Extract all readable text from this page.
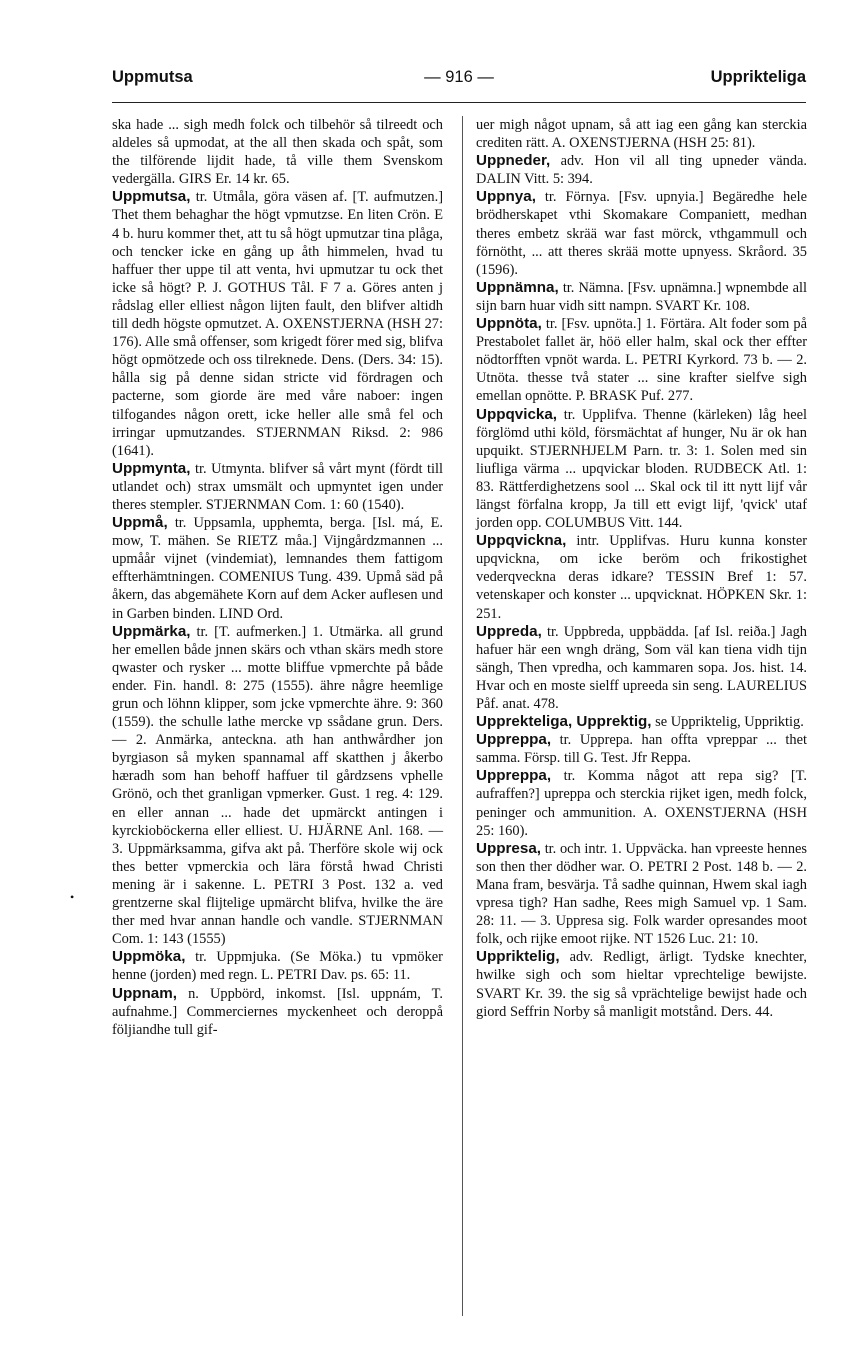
Uppmutsa	— 916 —	Upprikteliga

ska hade ... sigh medh folck och tilbehör så tilreedt och aldeles så upmodat, at the all then skada och spåt, som the tilförende lijdit hade, tå ville them Svenskom vedergälla. GIRS Er. 14 kr. 65.

Uppmutsa, tr. Utmåla, göra väsen af. [T. aufmutzen.] Thet them behaghar the högt vpmutzse. En liten Crön. E 4 b. huru kommer thet, att tu så högt upmutzar tina plåga, och tencker icke en gång up åth himmelen, hvad tu haffuer ther uppe til att venta, hvi upmutzar tu ock thet icke så högt? P. J. GOTHUS Tål. F 7 a. Göres anten j rådslag eller elliest någon lijten fault, den blifver altidh till dedh högste opmutzet. A. OXENSTJERNA (HSH 27: 176). Alle små offenser, som krigedt förer med sig, blifva högt opmötzede och oss tilreknede. Dens. (Ders. 34: 15). hålla sig på denne sidan stricte vid fördragen och pacterne, som giorde äre med våre naboer: ingen tilfogandes någon orett, icke heller alle små fel och irringar upmutzandes. STJERNMAN Riksd. 2: 986 (1641).

Uppmynta, tr. Utmynta. blifver så vårt mynt (fördt till utlandet och) strax umsmält och upmyntet igen under theres stempler. STJERNMAN Com. 1: 60 (1540).

Uppmå, tr. Uppsamla, upphemta, berga. [Isl. má, E. mow, T. mähen. Se RIETZ måa.] Vijngårdzmannen ... upmåår vijnet (vindemiat), lemnandes them fattigom effterhämtningen. COMENIUS Tung. 439. Upmå säd på åkern, das abgemähete Korn auf dem Acker auflesen und in Garben binden. LIND Ord.

Uppmärka, tr. [T. aufmerken.] 1. Utmärka. all grund her emellen både jnnen skärs och vthan skärs medh store qwaster och rysker ... motte bliffue vpmerchte på både ender. Fin. handl. 8: 275 (1555). ähre någre heemlige grun och löhnn klipper, som jcke vpmerchte ähre. 9: 360 (1559). the schulle lathe mercke vp ssådane grun. Ders. — 2. Anmärka, anteckna. ath han anthwårdher jon byrgiason så myken spannamal aff skatthen j åkerbo hæradh som han behoff haffuer til gårdzsens vphelle Grönö, och thet granligan vpmerker. Gust. 1 reg. 4: 129. en eller annan ... hade det upmärckt antingen i kyrckioböckerna eller elliest. U. HJÄRNE Anl. 168. — 3. Uppmärksamma, gifva akt på. Therföre skole wij ock thes better vpmerckia och lära förstå hwad Christi mening är i sakenne. L. PETRI 3 Post. 132 a. ved grentzerne skal flijtelige upmärcht blifva, hvilke the äre ther med hvar annan handle och vandle. STJERNMAN Com. 1: 143 (1555)

Uppmöka, tr. Uppmjuka. (Se Möka.) tu vpmöker henne (jorden) med regn. L. PETRI Dav. ps. 65: 11.

Uppnam, n. Uppbörd, inkomst. [Isl. uppnám, T. aufnahme.] Commerciernes myckenheet och deroppå följiandhe tull gif-

uer migh något upnam, så att iag een gång kan sterckia crediten rätt. A. OXENSTJERNA (HSH 25: 81).

Uppneder, adv. Hon vil all ting upneder vända. DALIN Vitt. 5: 394.

Uppnya, tr. Förnya. [Fsv. upnyia.] Begäredhe hele brödherskapet vthi Skomakare Companiett, medhan theres embetz skrää war fast mörck, vthgammull och förnötht, ... att theres skrää motte upnyess. Skråord. 35 (1596).

Uppnämna, tr. Nämna. [Fsv. upnämna.] wpnembde all sijn barn huar vidh sitt nampn. SVART Kr. 108.

Uppnöta, tr. [Fsv. upnöta.] 1. Förtära. Alt foder som på Prestabolet fallet är, höö eller halm, skal ock ther effter nödtorfften vpnöt warda. L. PETRI Kyrkord. 73 b. — 2. Utnöta. thesse två stater ... sine krafter sielfve sigh emellan opnötte. P. BRASK Puf. 277.

Uppqvicka, tr. Upplifva. Thenne (kärleken) låg heel förglömd uthi köld, försmächtat af hunger, Nu är ok han upquikt. STJERNHJELM Parn. tr. 3: 1. Solen med sin liufliga värma ... upqvickar bloden. RUDBECK Atl. 1: 83. Rättferdighetzens sool ... Skal ock til itt nytt lijf vår längst förfalna kropp, Ja till ett evigt lijf, 'qvick' utaf jorden opp. COLUMBUS Vitt. 144.

Uppqvickna, intr. Upplifvas. Huru kunna konster upqvickna, om icke beröm och frikostighet vederqveckna deras idkare? TESSIN Bref 1: 57. vetenskaper och konster ... upqvicknat. HÖPKEN Skr. 1: 251.

Uppreda, tr. Uppbreda, uppbädda. [af Isl. reiða.] Jagh hafuer här een wngh dräng, Som väl kan tiena vidh tijn sängh, Then vpredha, och kammaren sopa. Jos. hist. 14. Hvar och en moste sielff upreeda sin seng. LAURELIUS Påf. anat. 478.

Upprekteliga, Upprektig, se Uppriktelig, Uppriktig.

Uppreppa, tr. Upprepa. han offta vpreppar ... thet samma. Försp. till G. Test. Jfr Reppa.

Uppreppa, tr. Komma något att repa sig? [T. aufraffen?] upreppa och sterckia rijket igen, medh folck, peninger och ammunition. A. OXENSTJERNA (HSH 25: 160).

Uppresa, tr. och intr. 1. Uppväcka. han vpreeste hennes son then ther dödher war. O. PETRI 2 Post. 148 b. — 2. Mana fram, besvärja. Tå sadhe quinnan, Hwem skal iagh vpresa tigh? Han sadhe, Rees migh Samuel vp. 1 Sam. 28: 11. — 3. Uppresa sig. Folk warder opresandes moot folk, och rijke emoot rijke. NT 1526 Luc. 21: 10.

Uppriktelig, adv. Redligt, ärligt. Tydske knechter, hwilke sigh och som hieltar vprechtelige bewijste. SVART Kr. 39. the sig så vprächtelige bewijst hade och giord Seffrin Norby så manligit motstånd. Ders. 44.

•
